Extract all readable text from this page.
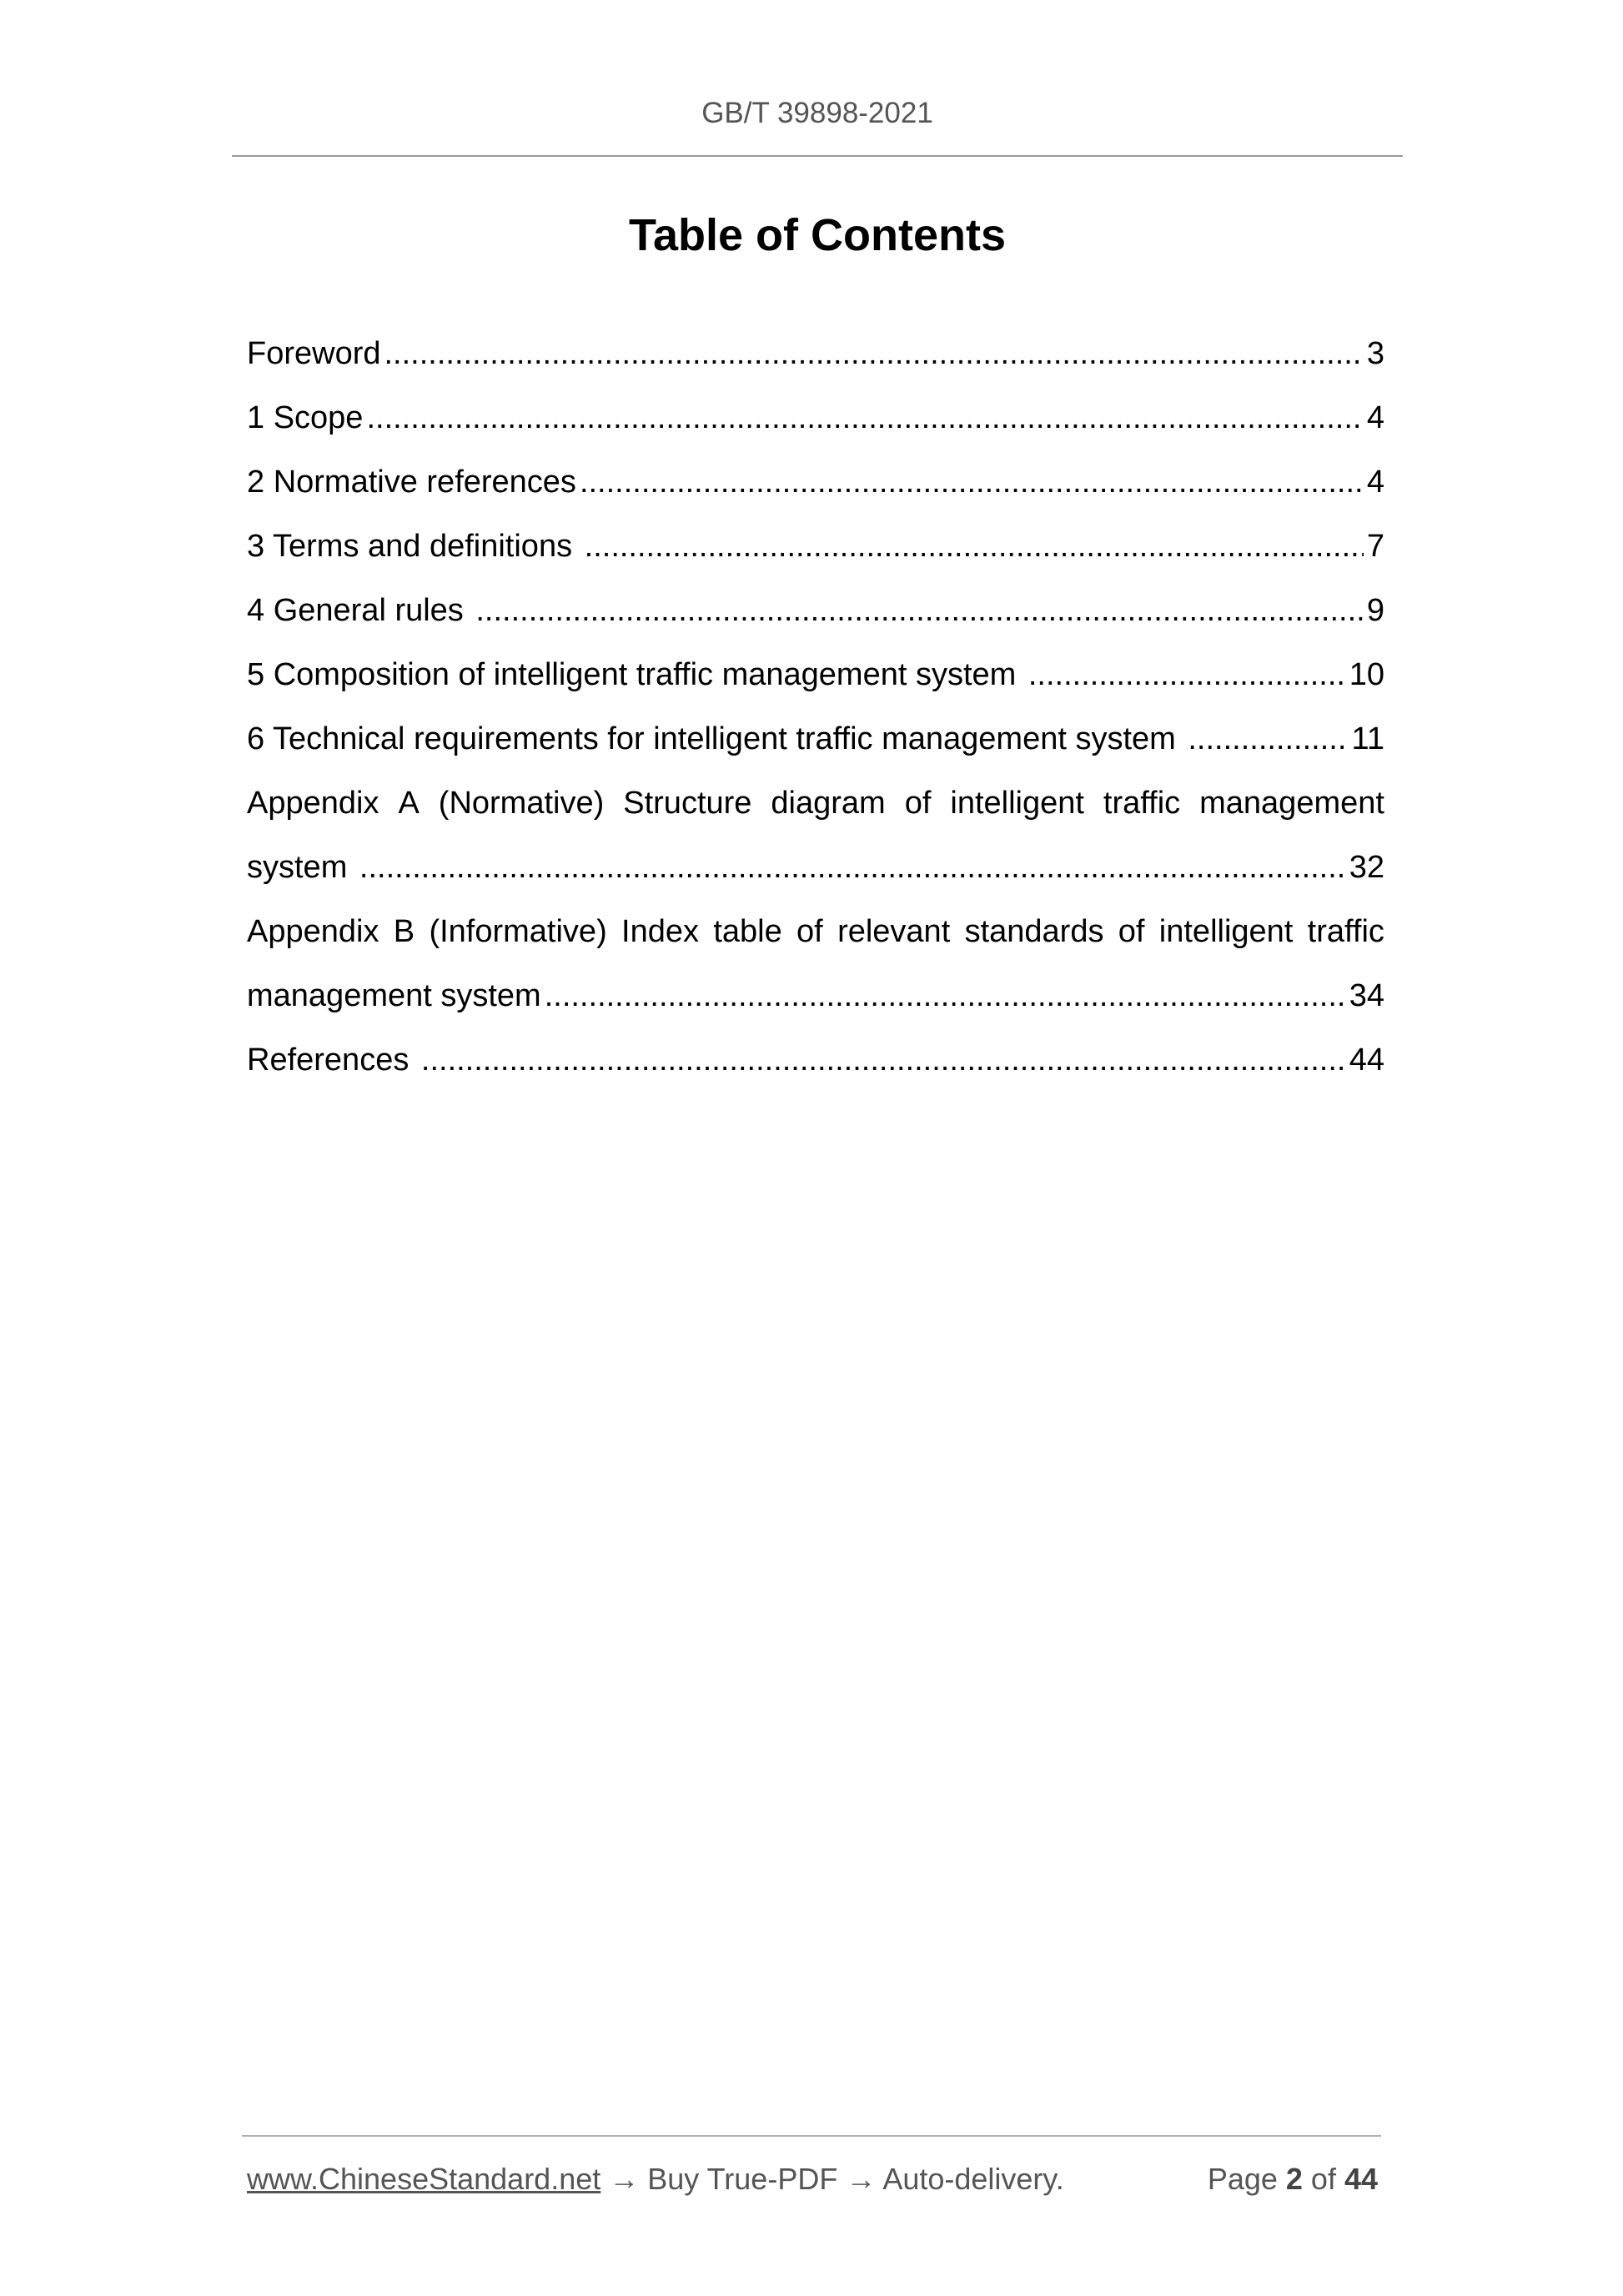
GB/T 39898-2021
Table of Contents
Foreword .....	3
1 Scope .....	4
2 Normative references .....	4
3 Terms and definitions .....	7
4 General rules .....	9
5 Composition of intelligent traffic management system .....	10
6 Technical requirements for intelligent traffic management system .....	11
Appendix A (Normative) Structure diagram of intelligent traffic management
system .....	32
Appendix B (Informative) Index table of relevant standards of intelligent traffic
management system .....	34
References .....	44
www.ChineseStandard.net → Buy True-PDF → Auto-delivery.	Page 2 of 44
